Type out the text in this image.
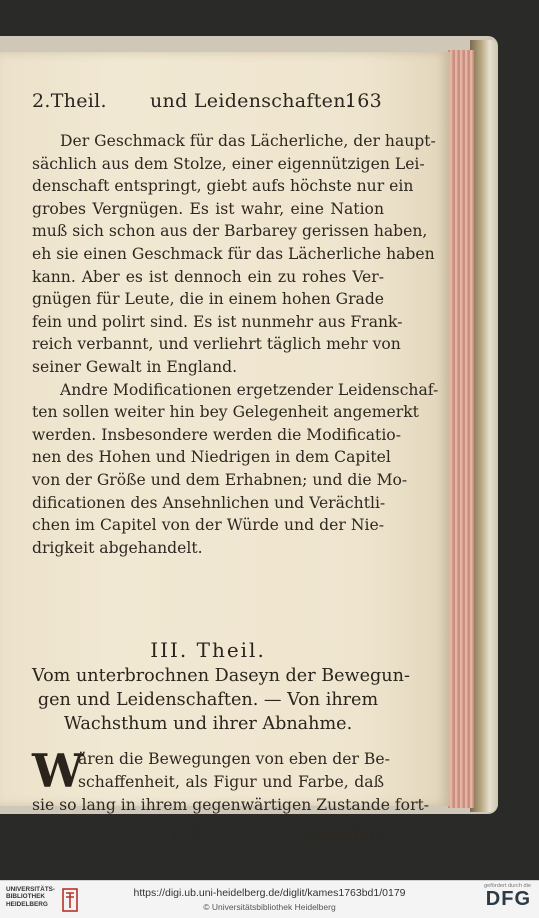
2.Theil. und Leidenschaften.
163
Der Geschmack für das Lächerliche, der haupt-
sächlich aus dem Stolze, einer eigennützigen Lei-
denschaft entspringt, giebt aufs höchste nur ein
grobes Vergnügen. Es ist wahr, eine Nation
muß sich schon aus der Barbarey gerissen haben,
eh sie einen Geschmack für das Lächerliche haben
kann. Aber es ist dennoch ein zu rohes Ver-
gnügen für Leute, die in einem hohen Grade
fein und polirt sind. Es ist nunmehr aus Frank-
reich verbannt, und verliehrt täglich mehr von
seiner Gewalt in England.
Andre Modificationen ergetzender Leidenschaf-
ten sollen weiter hin bey Gelegenheit angemerkt
werden. Insbesondere werden die Modificatio-
nen des Hohen und Niedrigen in dem Capitel
von der Größe und dem Erhabnen; und die Mo-
dificationen des Ansehnlichen und Verächtli-
chen im Capitel von der Würde und der Nie-
drigkeit abgehandelt.
III. Theil.
Vom unterbrochnen Daseyn der Bewegun-
gen und Leidenschaften. — Von ihrem
Wachsthum und ihrer Abnahme.
W
ären die Bewegungen von eben der Be-
schaffenheit, als Figur und Farbe, daß
sie so lang in ihrem gegenwärtigen Zustande fort-
L 2	dauerten,
UNIVERSITÄTS-
BIBLIOTHEK
HEIDELBERG
https://digi.ub.uni-heidelberg.de/diglit/kames1763bd1/0179
© Universitätsbibliothek Heidelberg
gefördert durch die
DFG
